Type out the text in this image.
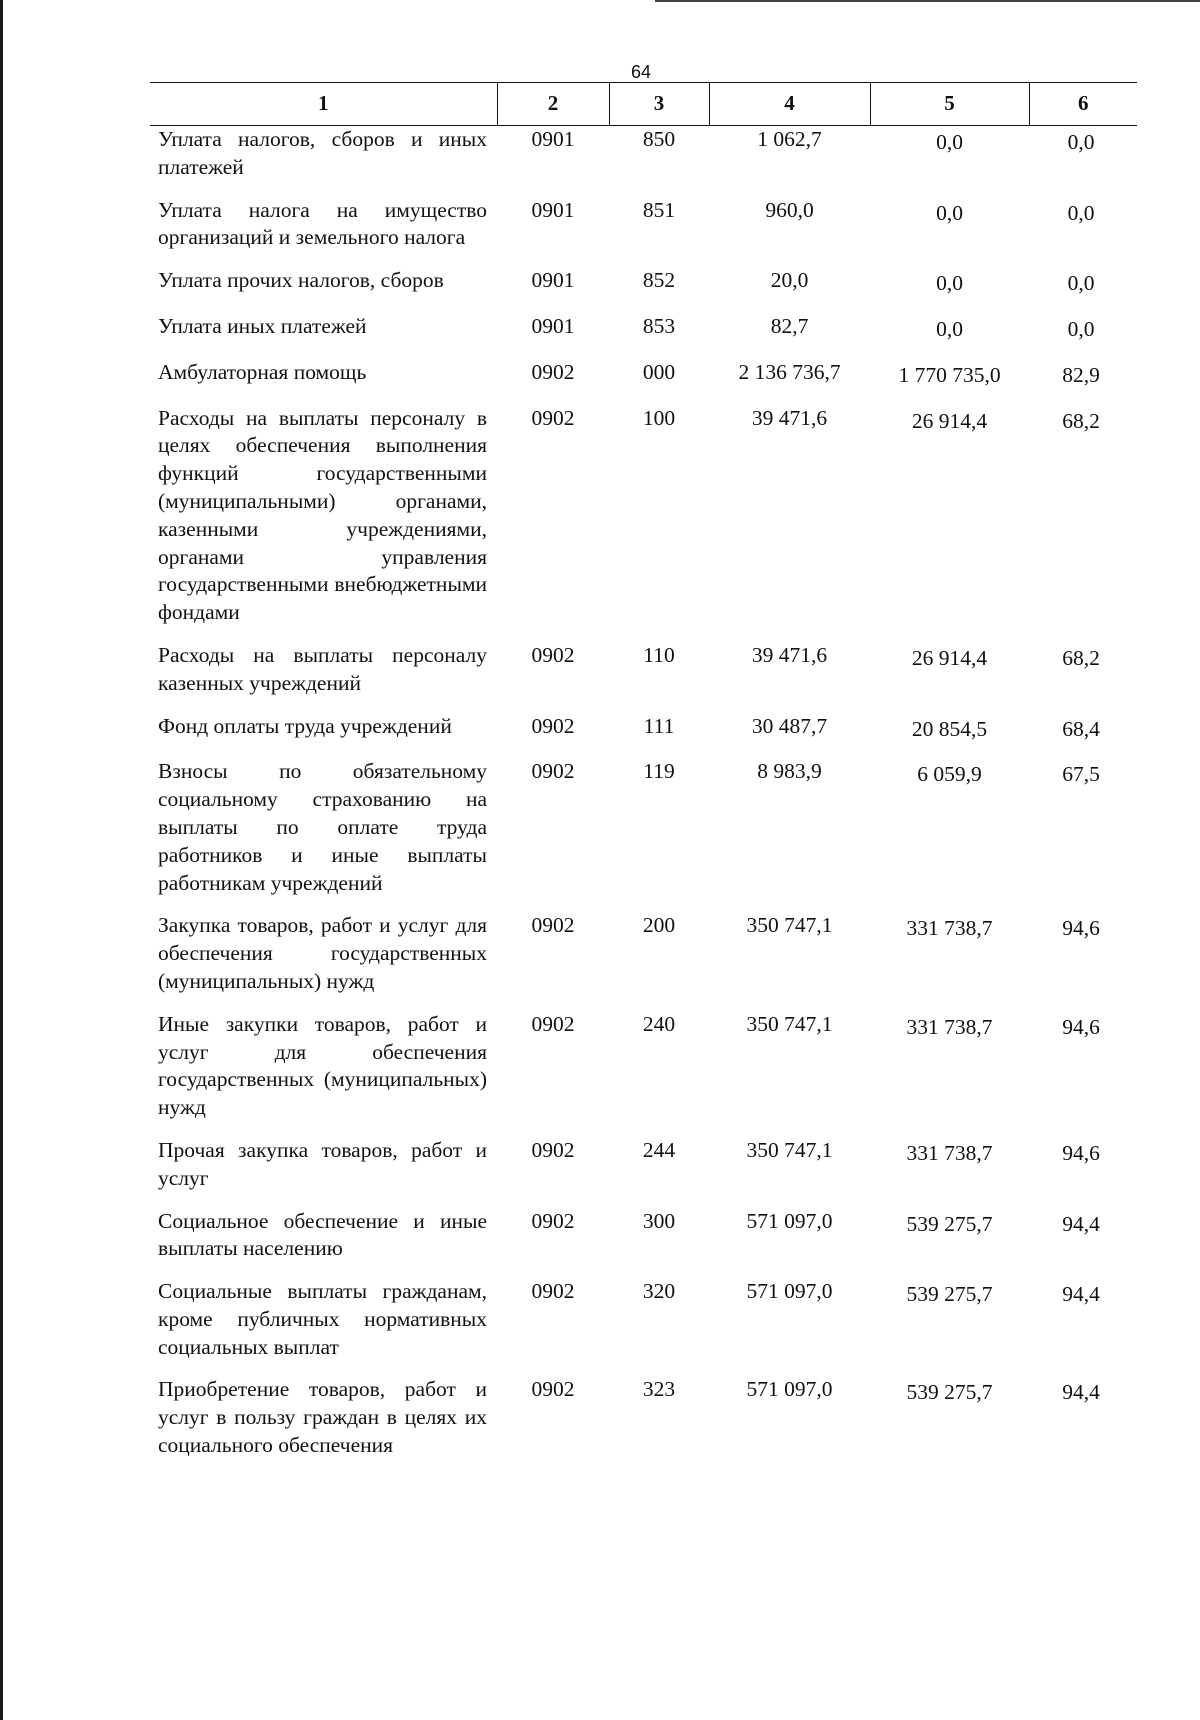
64
1	2	3	4	5	6
Уплата налогов, сборов и иных платежей	0901	850	1 062,7	0,0	0,0
Уплата налога на имущество организаций и земельного налога	0901	851	960,0	0,0	0,0
Уплата прочих налогов, сборов	0901	852	20,0	0,0	0,0
Уплата иных платежей	0901	853	82,7	0,0	0,0
Амбулаторная помощь	0902	000	2 136 736,7	1 770 735,0	82,9
Расходы на выплаты персоналу в целях обеспечения выполнения функций государственными (муниципальными) органами, казенными учреждениями, органами управления государственными внебюджетными фондами	0902	100	39 471,6	26 914,4	68,2
Расходы на выплаты персоналу казенных учреждений	0902	110	39 471,6	26 914,4	68,2
Фонд оплаты труда учреждений	0902	111	30 487,7	20 854,5	68,4
Взносы по обязательному социальному страхованию на выплаты по оплате труда работников и иные выплаты работникам учреждений	0902	119	8 983,9	6 059,9	67,5
Закупка товаров, работ и услуг для обеспечения государственных (муниципальных) нужд	0902	200	350 747,1	331 738,7	94,6
Иные закупки товаров, работ и услуг для обеспечения государственных (муниципальных) нужд	0902	240	350 747,1	331 738,7	94,6
Прочая закупка товаров, работ и услуг	0902	244	350 747,1	331 738,7	94,6
Социальное обеспечение и иные выплаты населению	0902	300	571 097,0	539 275,7	94,4
Социальные выплаты гражданам, кроме публичных нормативных социальных выплат	0902	320	571 097,0	539 275,7	94,4
Приобретение товаров, работ и услуг в пользу граждан в целях их социального обеспечения	0902	323	571 097,0	539 275,7	94,4
